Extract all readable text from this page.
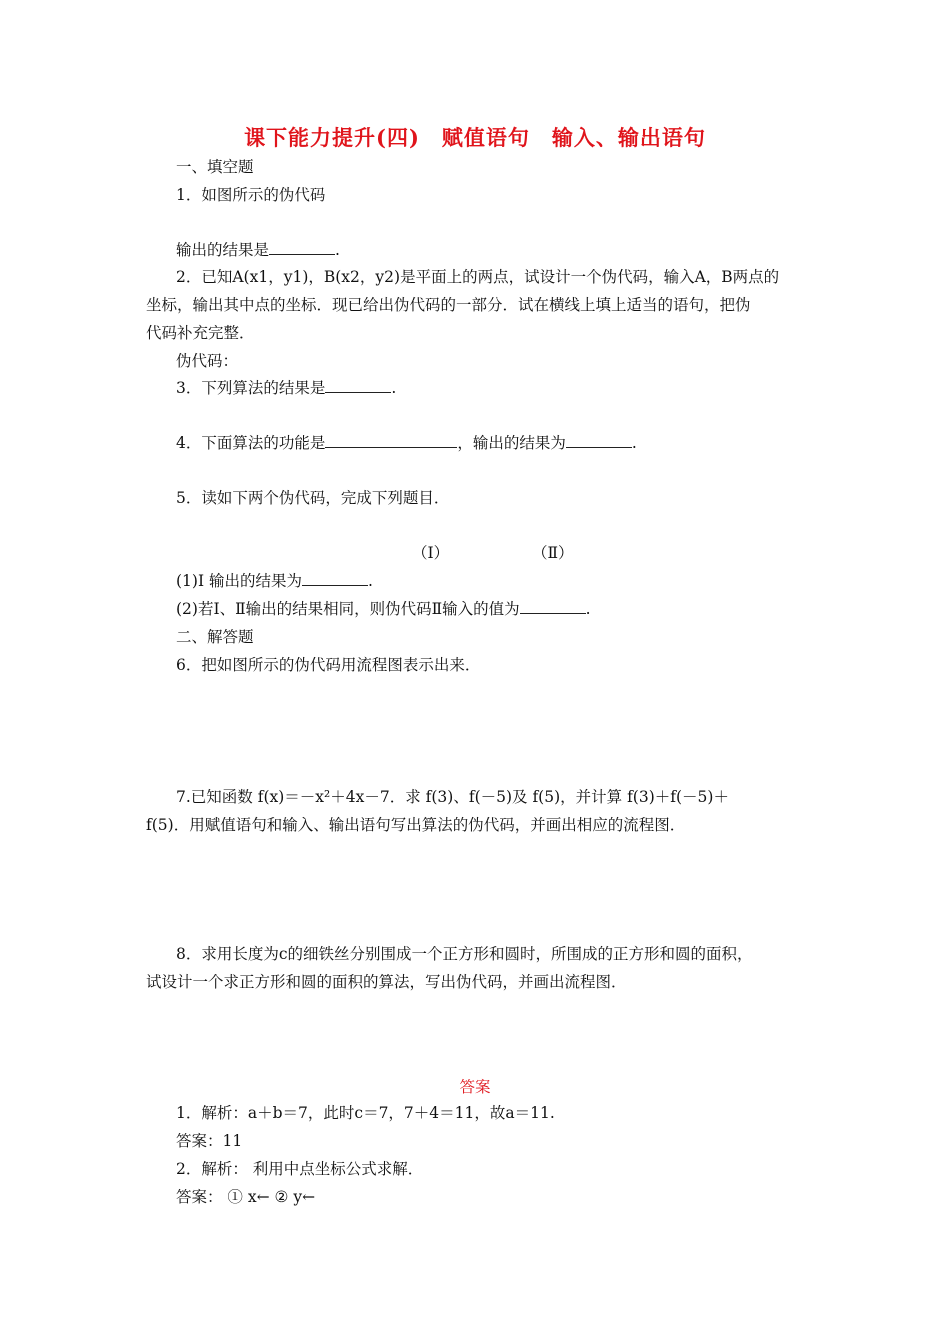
课下能力提升(四)　赋值语句　输入、输出语句
一、填空题
1．如图所示的伪代码
输出的结果是	.
2．已知A(x1，y1)，B(x2，y2)是平面上的两点，试设计一个伪代码，输入A，B两点的
坐标，输出其中点的坐标．现已给出伪代码的一部分．试在横线上填上适当的语句，把伪
代码补充完整．
伪代码：
3．下列算法的结果是	.
4．下面算法的功能是	，输出的结果为	.
5．读如下两个伪代码，完成下列题目．
（Ⅰ）	（Ⅱ）
(1)Ⅰ 输出的结果为	.
(2)若Ⅰ、Ⅱ输出的结果相同，则伪代码Ⅱ输入的值为	.
二、解答题
6．把如图所示的伪代码用流程图表示出来．
7.已知函数 f(x)＝－x²＋4x－7．求 f(3)、f(－5)及 f(5)，并计算 f(3)＋f(－5)＋
f(5)．用赋值语句和输入、输出语句写出算法的伪代码，并画出相应的流程图．
8．求用长度为c的细铁丝分别围成一个正方形和圆时，所围成的正方形和圆的面积，
试设计一个求正方形和圆的面积的算法，写出伪代码，并画出流程图．
答案
1．解析：a＋b＝7，此时c＝7，7＋4＝11，故a＝11.
答案：11
2．解析： 利用中点坐标公式求解．
答案： ① x← ② y←
